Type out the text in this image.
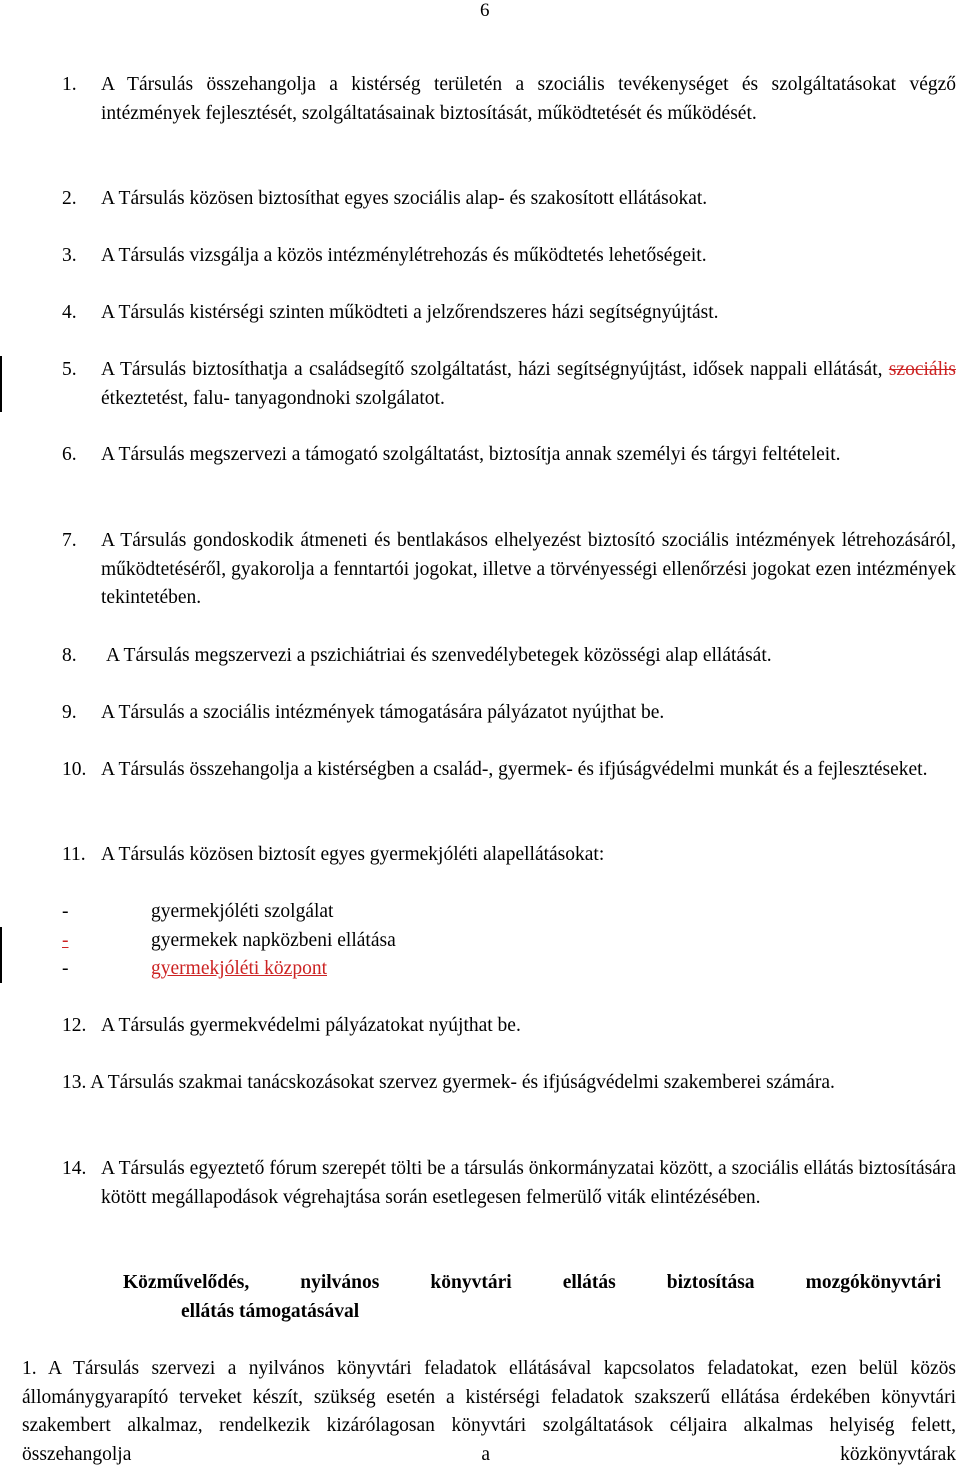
6
1. A Társulás összehangolja a kistérség területén a szociális tevékenységet és szolgáltatásokat végző intézmények fejlesztését, szolgáltatásainak biztosítását, működtetését és működését.
2. A Társulás közösen biztosíthat egyes szociális alap- és szakosított ellátásokat.
3. A Társulás vizsgálja a közös intézménylétrehozás és működtetés lehetőségeit.
4. A Társulás kistérségi szinten működteti a jelzőrendszeres házi segítségnyújtást.
5. A Társulás biztosíthatja a családsegítő szolgáltatást, házi segítségnyújtást, idősek nappali ellátását, szociális étkeztetést, falu- tanyagondnoki szolgálatot.
6. A Társulás megszervezi a támogató szolgáltatást, biztosítja annak személyi és tárgyi feltételeit.
7. A Társulás gondoskodik átmeneti és bentlakásos elhelyezést biztosító szociális intézmények létrehozásáról, működtetéséről, gyakorolja a fenntartói jogokat, illetve a törvényességi ellenőrzési jogokat ezen intézmények tekintetében.
8. A Társulás megszervezi a pszichiátriai és szenvedélybetegek közösségi alap ellátását.
9. A Társulás a szociális intézmények támogatására pályázatot nyújthat be.
10. A Társulás összehangolja a kistérségben a család-, gyermek- és ifjúságvédelmi munkát és a fejlesztéseket.
11. A Társulás közösen biztosít egyes gyermekjóléti alapellátásokat:
-	gyermekjóléti szolgálat
-	gyermekek napközbeni ellátása
-	gyermekjóléti központ
12. A Társulás gyermekvédelmi pályázatokat nyújthat be.
13. A Társulás szakmai tanácskozásokat szervez gyermek- és ifjúságvédelmi szakemberei számára.
14. A Társulás egyeztető fórum szerepét tölti be a társulás önkormányzatai között, a szociális ellátás biztosítására kötött megállapodások végrehajtása során esetlegesen felmerülő viták elintézésében.
Közművelődés, nyilvános könyvtári ellátás biztosítása mozgókönyvtári
ellátás támogatásával
1. A Társulás szervezi a nyilvános könyvtári feladatok ellátásával kapcsolatos feladatokat, ezen belül közös állománygyarapító terveket készít, szükség esetén a kistérségi feladatok szakszerű ellátása érdekében könyvtári szakembert alkalmaz, rendelkezik kizárólagosan könyvtári szolgáltatások céljaira alkalmas helyiség felett, összehangolja a közkönyvtárak
